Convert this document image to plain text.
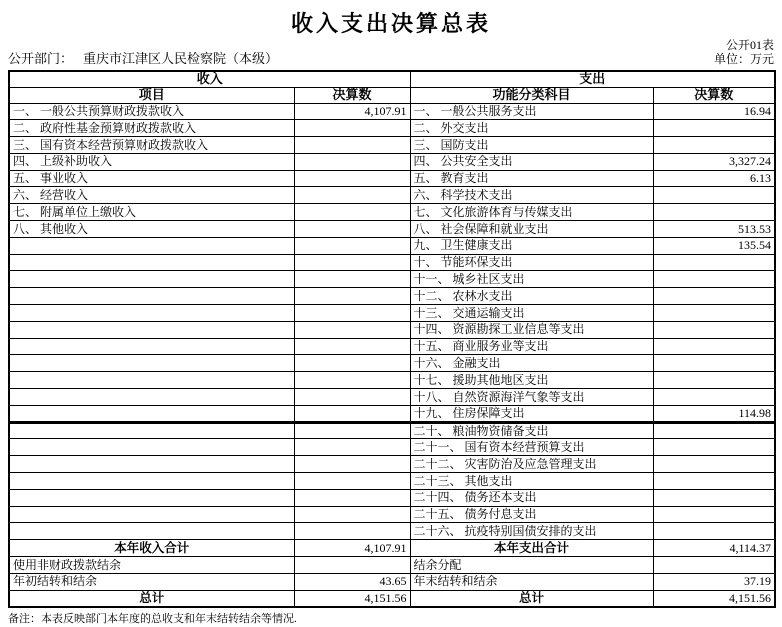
收入支出决算总表
公开01表
单位：万元
公开部门： 重庆市江津区人民检察院（本级）
收入		支出	
项目	决算数	功能分类科目	决算数
一、 一般公共预算财政拨款收入	4,107.91	一、 一般公共服务支出	16.94
二、 政府性基金预算财政拨款收入		二、 外交支出	
三、 国有资本经营预算财政拨款收入		三、 国防支出	
四、 上级补助收入		四、 公共安全支出	3,327.24
五、 事业收入		五、 教育支出	6.13
六、 经营收入		六、 科学技术支出	
七、 附属单位上缴收入		七、 文化旅游体育与传媒支出	
八、 其他收入		八、 社会保障和就业支出	513.53
		九、 卫生健康支出	135.54
		十、 节能环保支出	
		十一、 城乡社区支出	
		十二、 农林水支出	
		十三、 交通运输支出	
		十四、 资源勘探工业信息等支出	
		十五、 商业服务业等支出	
		十六、 金融支出	
		十七、 援助其他地区支出	
		十八、 自然资源海洋气象等支出	
		十九、 住房保障支出	114.98
		二十、 粮油物资储备支出	
		二十一、 国有资本经营预算支出	
		二十二、 灾害防治及应急管理支出	
		二十三、 其他支出	
		二十四、 债务还本支出	
		二十五、 债务付息支出	
		二十六、 抗疫特别国债安排的支出	
本年收入合计	4,107.91	本年支出合计	4,114.37
使用非财政拨款结余		结余分配	
年初结转和结余	43.65	年末结转和结余	37.19
总计	4,151.56	总计	4,151.56
备注：本表反映部门本年度的总收支和年末结转结余等情况.
